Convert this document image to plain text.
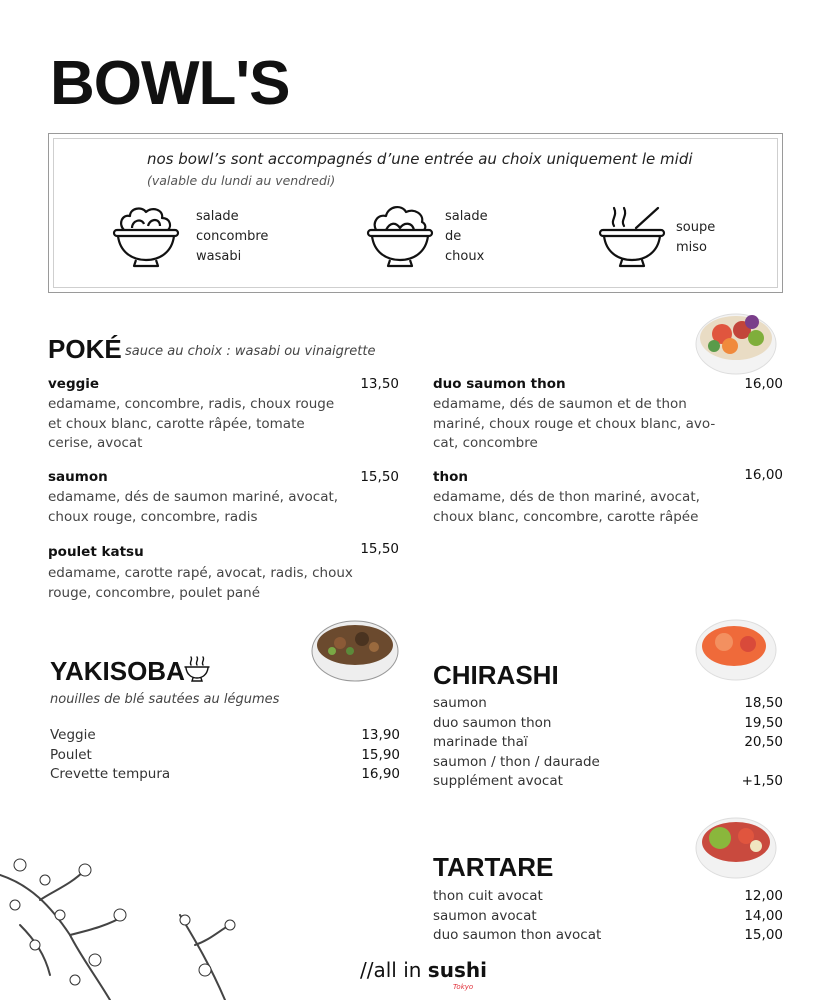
BOWL'S
nos bowl’s sont accompagnés d’une entrée au choix uniquement le midi
(valable du lundi au vendredi)
salade
concombre
wasabi
salade
de
choux
soupe
miso
POKÉ sauce au choix : wasabi ou vinaigrette
veggie	13,50
edamame, concombre, radis, choux rouge
et choux blanc, carotte râpée, tomate
cerise, avocat
saumon	15,50
edamame, dés de saumon mariné, avocat,
choux rouge, concombre, radis
poulet katsu	15,50
edamame, carotte rapé, avocat, radis, choux
rouge, concombre, poulet pané
duo saumon thon	16,00
edamame, dés de saumon et de thon
mariné, choux rouge et choux blanc, avo-
cat, concombre
thon	16,00
edamame, dés de thon mariné, avocat,
choux blanc, concombre, carotte râpée
YAKISOBA
nouilles de blé sautées au légumes
Veggie	13,90
Poulet	15,90
Crevette tempura	16,90
CHIRASHI
saumon	18,50
duo saumon thon	19,50
marinade thaï	20,50
saumon / thon / daurade
supplément avocat	+1,50
TARTARE
thon cuit avocat	12,00
saumon avocat	14,00
duo saumon thon avocat	15,00
//all in sushi
Tokyo
